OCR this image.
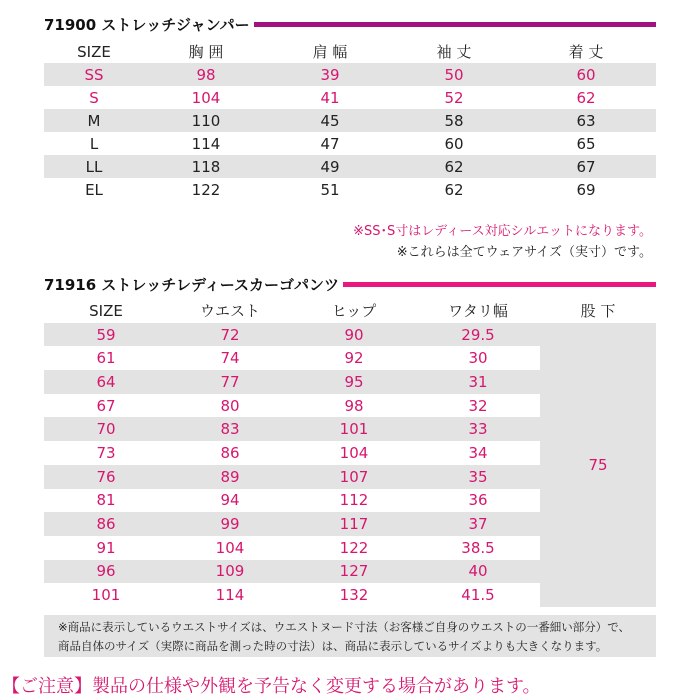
71900 ストレッチジャンパー
SIZE	胸 囲	肩 幅	袖 丈	着 丈
SS	98	39	50	60
S	104	41	52	62
M	110	45	58	63
L	114	47	60	65
LL	118	49	62	67
EL	122	51	62	69
※SS･S寸はレディース対応シルエットになります。
※これらは全てウェアサイズ（実寸）です。
71916 ストレッチレディースカーゴパンツ
SIZE	ウエスト	ヒップ	ワタリ幅	股 下
59	72	90	29.5	75
61	74	92	30	
64	77	95	31	
67	80	98	32	
70	83	101	33	
73	86	104	34	
76	89	107	35	
81	94	112	36	
86	99	117	37	
91	104	122	38.5	
96	109	127	40	
101	114	132	41.5	
※商品に表示しているウエストサイズは、ウエストヌード寸法（お客様ご自身のウエストの一番細い部分）で、
商品自体のサイズ（実際に商品を測った時の寸法）は、商品に表示しているサイズよりも大きくなります。
【ご注意】製品の仕様や外観を予告なく変更する場合があります。
